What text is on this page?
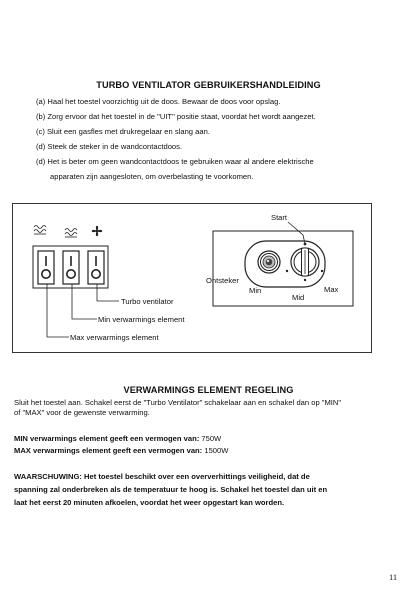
TURBO VENTILATOR GEBRUIKERSHANDLEIDING
(a) Haal het toestel voorzichtig uit de doos. Bewaar de doos voor opslag.
(b) Zorg ervoor dat het toestel in de "UIT" positie staat, voordat het wordt aangezet.
(c) Sluit een gasfles met drukregelaar en slang aan.
(d) Steek de steker in de wandcontactdoos.
(d) Het is beter om geen wandcontactdoos te gebruiken waar al andere elektrische
apparaten zijn aangesloten, om overbelasting te voorkomen.
Turbo ventilator
Min verwarmings element
Max verwarmings element
Start
Ontsteker
Min
Mid
Max
VERWARMINGS ELEMENT REGELING
Sluit het toestel aan. Schakel eerst de "Turbo Ventilator" schakelaar aan en schakel dan op "MIN"
of "MAX" voor de gewenste verwarming.
MIN verwarmings element geeft een vermogen van: 750W
MAX verwarmings element geeft een vermogen van: 1500W
WAARSCHUWING: Het toestel beschikt over een oververhittings veiligheid, dat de
spanning zal onderbreken als de temperatuur te hoog is. Schakel het toestel dan uit en
laat het eerst 20 minuten afkoelen, voordat het weer opgestart kan worden.
11
